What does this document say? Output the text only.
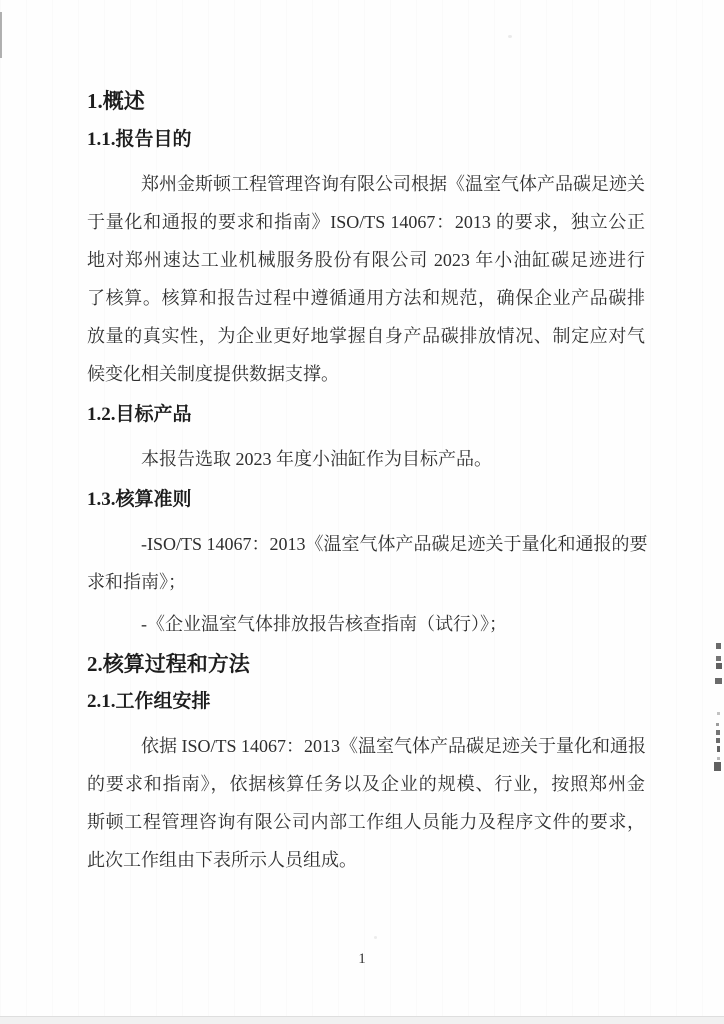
1.概述
1.1.报告目的
郑州金斯顿工程管理咨询有限公司根据《温室气体产品碳足迹关
于量化和通报的要求和指南》ISO/TS 14067：2013 的要求，独立公正
地对郑州速达工业机械服务股份有限公司 2023 年小油缸碳足迹进行
了核算。核算和报告过程中遵循通用方法和规范，确保企业产品碳排
放量的真实性，为企业更好地掌握自身产品碳排放情况、制定应对气
候变化相关制度提供数据支撑。
1.2.目标产品
本报告选取 2023 年度小油缸作为目标产品。
1.3.核算准则
-ISO/TS 14067：2013《温室气体产品碳足迹关于量化和通报的要
求和指南》；
-《企业温室气体排放报告核查指南（试行）》；
2.核算过程和方法
2.1.工作组安排
依据 ISO/TS 14067：2013《温室气体产品碳足迹关于量化和通报
的要求和指南》，依据核算任务以及企业的规模、行业，按照郑州金
斯顿工程管理咨询有限公司内部工作组人员能力及程序文件的要求，
此次工作组由下表所示人员组成。
1
